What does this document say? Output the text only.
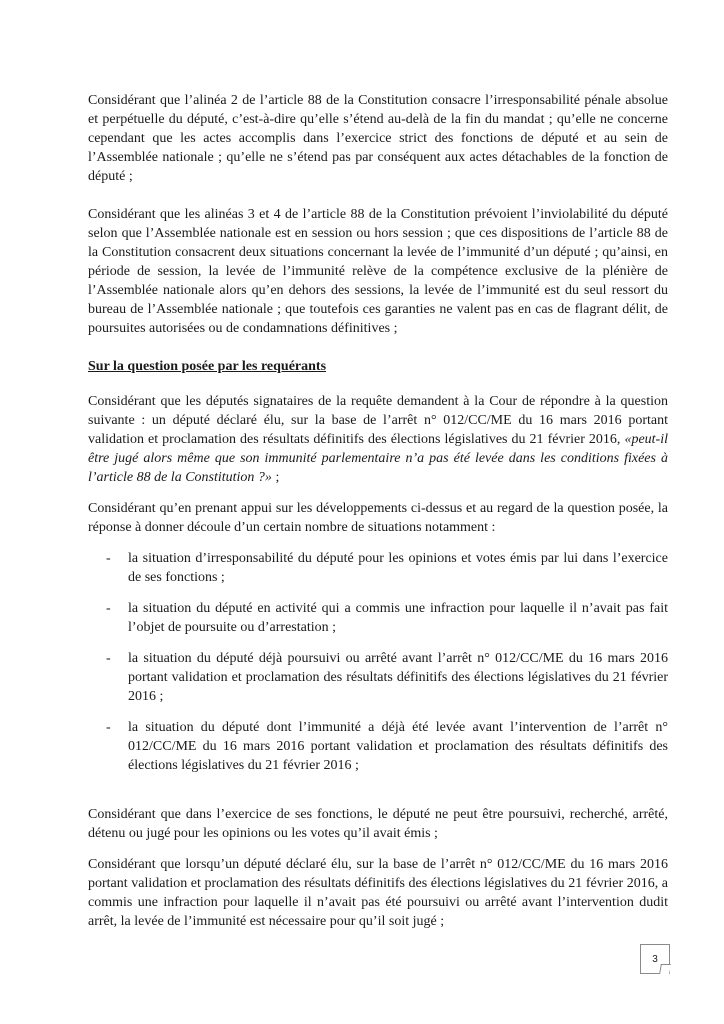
Considérant que l’alinéa 2 de l’article 88 de la Constitution consacre l’irresponsabilité pénale absolue et perpétuelle du député, c’est-à-dire qu’elle s’étend au-delà de la fin du mandat ; qu’elle ne concerne cependant que les actes accomplis dans l’exercice strict des fonctions de député et au sein de l’Assemblée nationale ; qu’elle ne s’étend pas par conséquent aux actes détachables de la fonction de député ;

Considérant que les alinéas 3 et 4 de l’article 88 de la Constitution prévoient l’inviolabilité du député selon que l’Assemblée nationale est en session ou hors session ; que ces dispositions de l’article 88 de la Constitution consacrent deux situations concernant la levée de l’immunité d’un député ; qu’ainsi, en période de session, la levée de l’immunité relève de la compétence exclusive de la plénière de l’Assemblée nationale alors qu’en dehors des sessions, la levée de l’immunité est du seul ressort du bureau de l’Assemblée nationale ; que toutefois ces garanties ne valent pas en cas de flagrant délit, de poursuites autorisées ou de condamnations définitives ;

Sur la question posée par les requérants

Considérant que les députés signataires de la requête demandent à la Cour de répondre à la question suivante : un député déclaré élu, sur la base de l’arrêt n° 012/CC/ME du 16 mars 2016 portant validation et proclamation des résultats définitifs des élections législatives du 21 février 2016, «peut-il être jugé alors même que son immunité parlementaire n’a pas été levée dans les conditions fixées à l’article 88 de la Constitution ?» ;

Considérant qu’en prenant appui sur les développements ci-dessus et au regard de la question posée, la réponse à donner découle d’un certain nombre de situations notamment :

- la situation d’irresponsabilité du député pour les opinions et votes émis par lui dans l’exercice de ses fonctions ;
- la situation du député en activité qui a commis une infraction pour laquelle il n’avait pas fait l’objet de poursuite ou d’arrestation ;
- la situation du député déjà poursuivi ou arrêté avant l’arrêt n° 012/CC/ME du 16 mars 2016 portant validation et proclamation des résultats définitifs des élections législatives du 21 février 2016 ;
- la situation du député dont l’immunité a déjà été levée avant l’intervention de l’arrêt n° 012/CC/ME du 16 mars 2016 portant validation et proclamation des résultats définitifs des élections législatives du 21 février 2016 ;

Considérant que dans l’exercice de ses fonctions, le député ne peut être poursuivi, recherché, arrêté, détenu ou jugé pour les opinions ou les votes qu’il avait émis ;

Considérant que lorsqu’un député déclaré élu, sur la base de l’arrêt n° 012/CC/ME du 16 mars 2016 portant validation et proclamation des résultats définitifs des élections législatives du 21 février 2016, a commis une infraction pour laquelle il n’avait pas été poursuivi ou arrêté avant l’intervention dudit arrêt, la levée de l’immunité est nécessaire pour qu’il soit jugé ;

3
